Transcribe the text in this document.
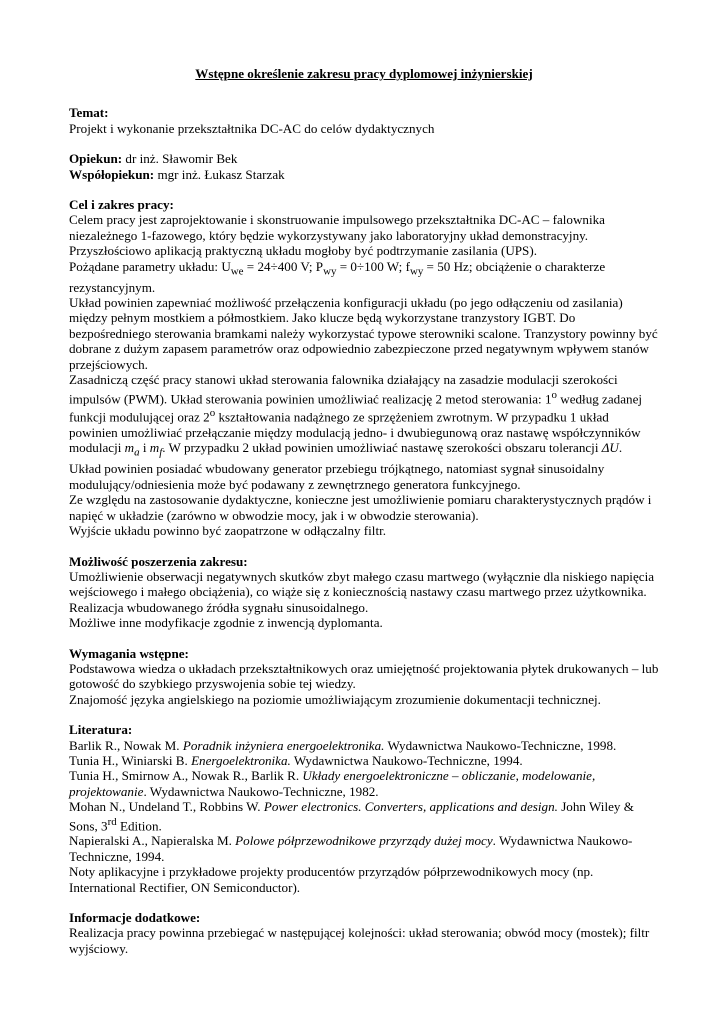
Wstępne określenie zakresu pracy dyplomowej inżynierskiej
Temat:

Projekt i wykonanie przekształtnika DC-AC do celów dydaktycznych

Opiekun: dr inż. Sławomir Bek

Współopiekun: mgr inż. Łukasz Starzak

Cel i zakres pracy:

Celem pracy jest zaprojektowanie i skonstruowanie impulsowego przekształtnika DC-AC – falownika niezależnego 1-fazowego, który będzie wykorzystywany jako laboratoryjny układ demonstracyjny.

Przyszłościowo aplikacją praktyczną układu mogłoby być podtrzymanie zasilania (UPS).

Pożądane parametry układu: $U_{we} = 24\div 400$ V; $P_{wy} = 0\div 100$ W; $f_{wy} = 50$ Hz; obciążenie o charakterze rezystancyjnym.

Układ powinien zapewniać możliwość przełączenia konfiguracji układu (po jego odłączeniu od zasilania) między pełnym mostkiem a półmostkiem. Jako klucze będą wykorzystane tranzystory IGBT. Do bezpośredniego sterowania bramkami należy wykorzystać typowe sterowniki scalone. Tranzystory powinny być dobrane z dużym zapasem parametrów oraz odpowiednio zabezpieczone przed negatywnym wpływem stanów przejściowych.

Zasadniczą część pracy stanowi układ sterowania falownika działający na zasadzie modulacji szerokości impulsów (PWM). Układ sterowania powinien umożliwiać realizację 2 metod sterowania: 1$^o$ według zadanej funkcji modulującej oraz 2$^o$ kształtowania nadążnego ze sprzężeniem zwrotnym. W przypadku 1 układ powinien umożliwiać przełączanie między modulacją jedno- i dwubiegunową oraz nastawę współczynników modulacji $m_a$ i $m_f$. W przypadku 2 układ powinien umożliwiać nastawę szerokości obszaru tolerancji ΔU.

Układ powinien posiadać wbudowany generator przebiegu trójkątnego, natomiast sygnał sinusoidalny modulujący/odniesienia może być podawany z zewnętrznego generatora funkcyjnego.

Ze względu na zastosowanie dydaktyczne, konieczne jest umożliwienie pomiaru charakterystycznych prądów i napięć w układzie (zarówno w obwodzie mocy, jak i w obwodzie sterowania).

Wyjście układu powinno być zaopatrzone w odłączalny filtr.

Możliwość poszerzenia zakresu:

Umożliwienie obserwacji negatywnych skutków zbyt małego czasu martwego (wyłącznie dla niskiego napięcia wejściowego i małego obciążenia), co wiąże się z koniecznością nastawy czasu martwego przez użytkownika.

Realizacja wbudowanego źródła sygnału sinusoidalnego.

Możliwe inne modyfikacje zgodnie z inwencją dyplomanta.

Wymagania wstępne:

Podstawowa wiedza o układach przekształtnikowych oraz umiejętność projektowania płytek drukowanych – lub gotowość do szybkiego przyswojenia sobie tej wiedzy.

Znajomość języka angielskiego na poziomie umożliwiającym zrozumienie dokumentacji technicznej.

Literatura:

Barlik R., Nowak M. Poradnik inżyniera energoelektronika. Wydawnictwa Naukowo-Techniczne, 1998.

Tunia H., Winiarski B. Energoelektronika. Wydawnictwa Naukowo-Techniczne, 1994.

Tunia H., Smirnow A., Nowak R., Barlik R. Układy energoelektroniczne – obliczanie, modelowanie, projektowanie. Wydawnictwa Naukowo-Techniczne, 1982.

Mohan N., Undeland T., Robbins W. Power electronics. Converters, applications and design. John Wiley & Sons, 3rd Edition.

Napieralski A., Napieralska M. Polowe półprzewodnikowe przyrządy dużej mocy. Wydawnictwa Naukowo-Techniczne, 1994.

Noty aplikacyjne i przykładowe projekty producentów przyrządów półprzewodnikowych mocy (np. International Rectifier, ON Semiconductor).

Informacje dodatkowe:

Realizacja pracy powinna przebiegać w następującej kolejności: układ sterowania; obwód mocy (mostek); filtr wyjściowy.
